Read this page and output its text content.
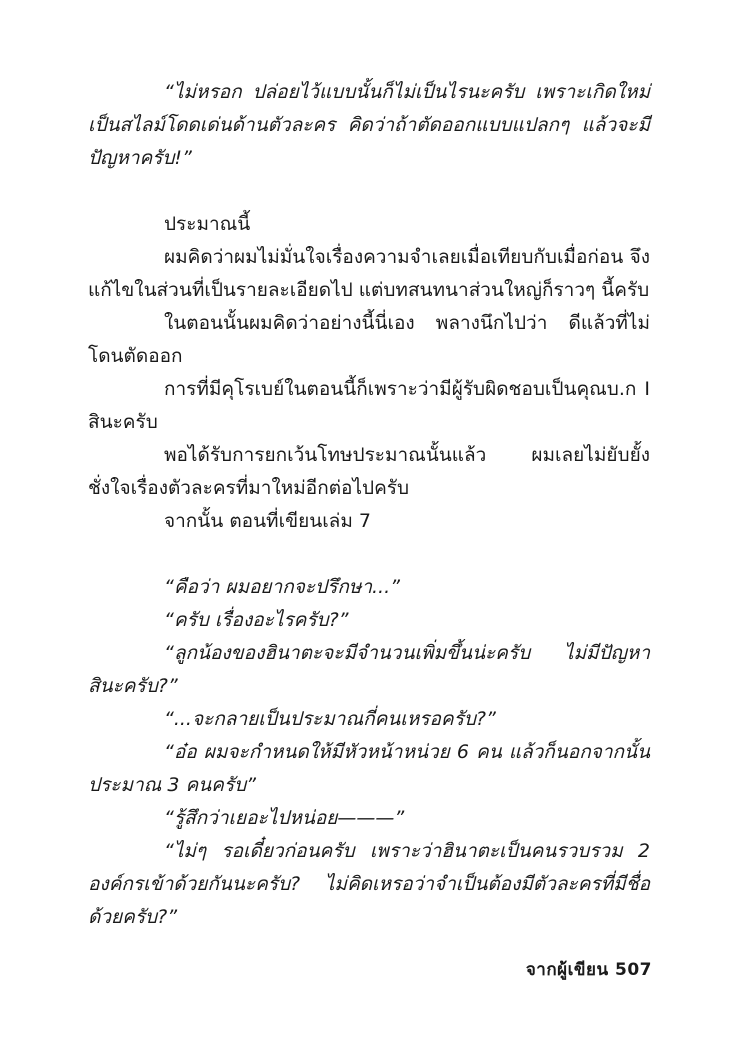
“ไม่หรอก ปล่อยไว้แบบนั้นก็ไม่เป็นไรนะครับ เพราะเกิดใหม่เป็นสไลม์โดดเด่นด้านตัวละคร คิดว่าถ้าตัดออกแบบแปลกๆ แล้วจะมีปัญหาครับ!”

ประมาณนี้

ผมคิดว่าผมไม่มั่นใจเรื่องความจำเลยเมื่อเทียบกับเมื่อก่อน จึงแก้ไขในส่วนที่เป็นรายละเอียดไป แต่บทสนทนาส่วนใหญ่ก็ราวๆ นี้ครับ

ในตอนนั้นผมคิดว่าอย่างนี้นี่เอง พลางนึกไปว่า ดีแล้วที่ไม่โดนตัดออก

การที่มีคุโรเบย์ในตอนนี้ก็เพราะว่ามีผู้รับผิดชอบเป็นคุณบ.ก I สินะครับ

พอได้รับการยกเว้นโทษประมาณนั้นแล้ว ผมเลยไม่ยับยั้งชั่งใจเรื่องตัวละครที่มาใหม่อีกต่อไปครับ

จากนั้น ตอนที่เขียนเล่ม 7

“คือว่า ผมอยากจะปรึกษา...”

“ครับ เรื่องอะไรครับ?”

“ลูกน้องของฮินาตะจะมีจำนวนเพิ่มขึ้นน่ะครับ ไม่มีปัญหาสินะครับ?”

“...จะกลายเป็นประมาณกี่คนเหรอครับ?”

“อ๋อ ผมจะกำหนดให้มีหัวหน้าหน่วย 6 คน แล้วก็นอกจากนั้นประมาณ 3 คนครับ”

“รู้สึกว่าเยอะไปหน่อย———”

“ไม่ๆ รอเดี๋ยวก่อนครับ เพราะว่าฮินาตะเป็นคนรวบรวม 2 องค์กรเข้าด้วยกันนะครับ? ไม่คิดเหรอว่าจำเป็นต้องมีตัวละครที่มีชื่อด้วยครับ?”

จากผู้เขียน 507
